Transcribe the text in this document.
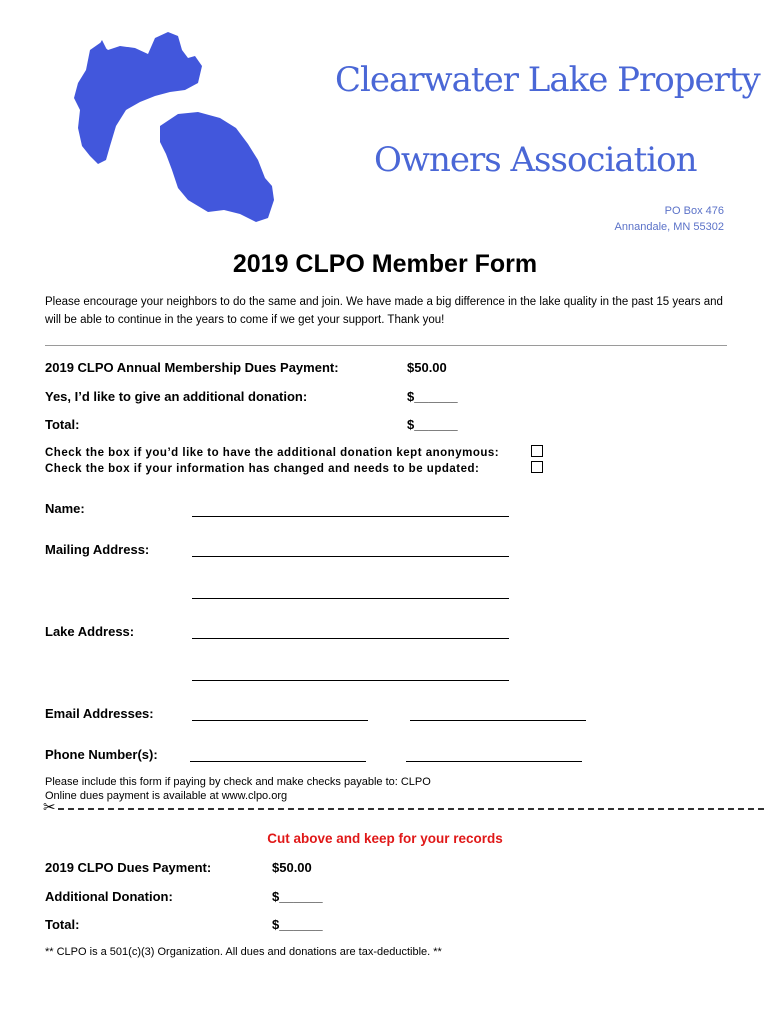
Clearwater Lake Property
Owners Association
PO Box 476
Annandale, MN 55302
2019 CLPO Member Form
Please encourage your neighbors to do the same and join. We have made a big difference in the lake quality in the past 15 years and will be able to continue in the years to come if we get your support. Thank you!
2019 CLPO Annual Membership Dues Payment:	$50.00
Yes, I’d like to give an additional donation:	$______
Total:	$______
Check the box if you’d like to have the additional donation kept anonymous:
Check the box if your information has changed and needs to be updated:
Name:
Mailing Address:
Lake Address:
Email Addresses:
Phone Number(s):
Please include this form if paying by check and make checks payable to: CLPO
Online dues payment is available at www.clpo.org
✂
Cut above and keep for your records
2019 CLPO Dues Payment:	$50.00
Additional Donation:	$______
Total:	$______
** CLPO is a 501(c)(3) Organization. All dues and donations are tax-deductible. **
